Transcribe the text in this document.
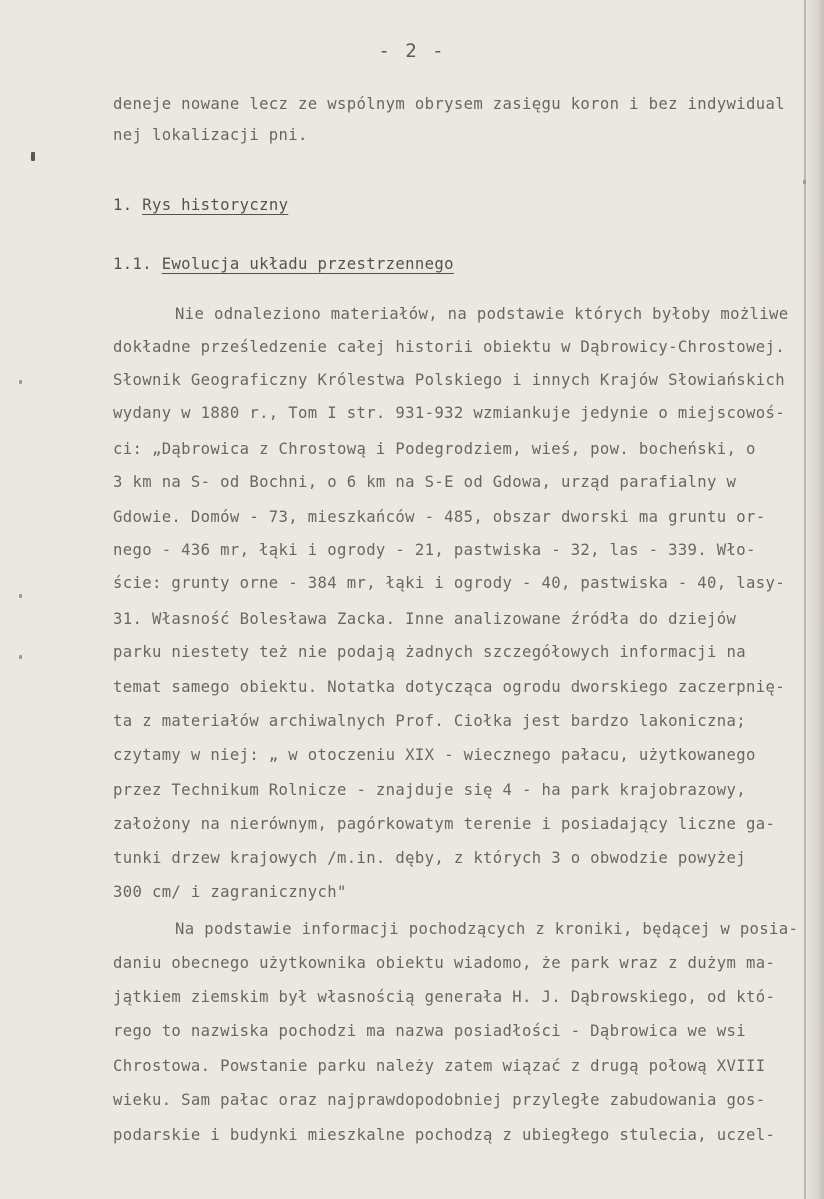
- 2 -
deneje nowane lecz ze wspólnym obrysem zasięgu koron i bez indywidual
nej lokalizacji pni.
1. Rys historyczny
1.1. Ewolucja układu przestrzennego
Nie odnaleziono materiałów, na podstawie których byłoby możliwe
dokładne prześledzenie całej historii obiektu w Dąbrowicy-Chrostowej.
Słownik Geograficzny Królestwa Polskiego i innych Krajów Słowiańskich
wydany w 1880 r., Tom I str. 931-932 wzmiankuje jedynie o miejscowoś-
ci: „Dąbrowica z Chrostową i Podegrodziem, wieś, pow. bocheński, o
3 km na S- od Bochni, o 6 km na S-E od Gdowa, urząd parafialny w
Gdowie. Domów - 73, mieszkańców - 485, obszar dworski ma gruntu or-
nego - 436 mr, łąki i ogrody - 21, pastwiska - 32, las - 339. Wło-
ście: grunty orne - 384 mr, łąki i ogrody - 40, pastwiska - 40, lasy-
31. Własność Bolesława Zacka. Inne analizowane źródła do dziejów
parku niestety też nie podają żadnych szczegółowych informacji na
temat samego obiektu. Notatka dotycząca ogrodu dworskiego zaczerpnię-
ta z materiałów archiwalnych Prof. Ciołka jest bardzo lakoniczna;
czytamy w niej: „ w otoczeniu XIX - wiecznego pałacu, użytkowanego
przez Technikum Rolnicze - znajduje się 4 - ha park krajobrazowy,
założony na nierównym, pagórkowatym terenie i posiadający liczne ga-
tunki drzew krajowych /m.in. dęby, z których 3 o obwodzie powyżej
300 cm/ i zagranicznych"
Na podstawie informacji pochodzących z kroniki, będącej w posia-
daniu obecnego użytkownika obiektu wiadomo, że park wraz z dużym ma-
jątkiem ziemskim był własnością generała H. J. Dąbrowskiego, od któ-
rego to nazwiska pochodzi ma nazwa posiadłości - Dąbrowica we wsi
Chrostowa. Powstanie parku należy zatem wiązać z drugą połową XVIII
wieku. Sam pałac oraz najprawdopodobniej przyległe zabudowania gos-
podarskie i budynki mieszkalne pochodzą z ubiegłego stulecia, uczel-
